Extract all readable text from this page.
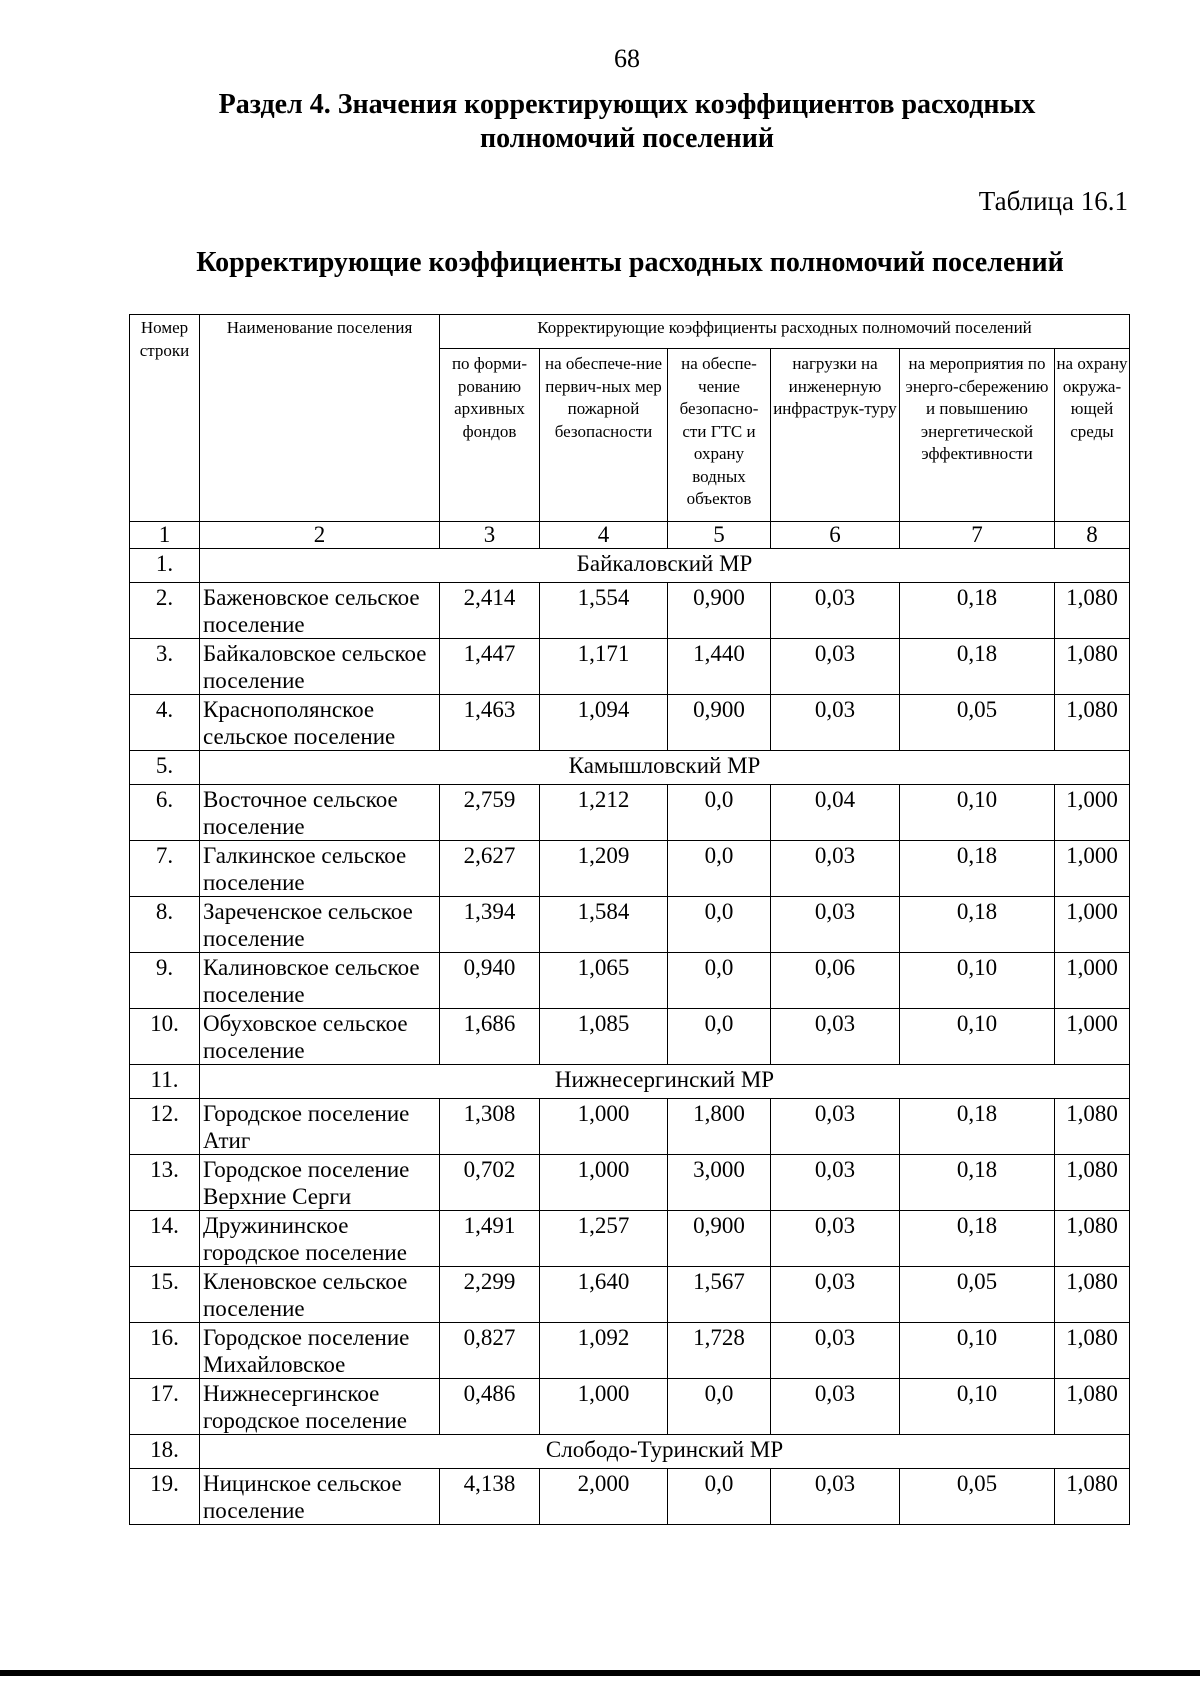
68
Раздел 4. Значения корректирующих коэффициентов расходных полномочий поселений
Таблица 16.1
Корректирующие коэффициенты расходных полномочий поселений
Номер строки	Наименование поселения	Корректирующие коэффициенты расходных полномочий поселений					
		по форми-рованию архивных фондов	на обеспече-ние первич-ных мер пожарной безопасности	на обеспе-чение безопасно-сти ГТС и охрану водных объектов	нагрузки на инженерную инфраструк-туру	на мероприятия по энерго-сбережению и повышению энергетической эффективности	на охрану окружа-ющей среды
1	2	3	4	5	6	7	8
1.	Байкаловский МР						
2.	Баженовское сельское поселение	2,414	1,554	0,900	0,03	0,18	1,080
3.	Байкаловское сельское поселение	1,447	1,171	1,440	0,03	0,18	1,080
4.	Краснополянское сельское поселение	1,463	1,094	0,900	0,03	0,05	1,080
5.	Камышловский МР						
6.	Восточное сельское поселение	2,759	1,212	0,0	0,04	0,10	1,000
7.	Галкинское сельское поселение	2,627	1,209	0,0	0,03	0,18	1,000
8.	Зареченское сельское поселение	1,394	1,584	0,0	0,03	0,18	1,000
9.	Калиновское сельское поселение	0,940	1,065	0,0	0,06	0,10	1,000
10.	Обуховское сельское поселение	1,686	1,085	0,0	0,03	0,10	1,000
11.	Нижнесергинский МР						
12.	Городское поселение Атиг	1,308	1,000	1,800	0,03	0,18	1,080
13.	Городское поселение Верхние Серги	0,702	1,000	3,000	0,03	0,18	1,080
14.	Дружининское городское поселение	1,491	1,257	0,900	0,03	0,18	1,080
15.	Кленовское сельское поселение	2,299	1,640	1,567	0,03	0,05	1,080
16.	Городское поселение Михайловское	0,827	1,092	1,728	0,03	0,10	1,080
17.	Нижнесергинское городское поселение	0,486	1,000	0,0	0,03	0,10	1,080
18.	Слободо-Туринский МР						
19.	Ницинское сельское поселение	4,138	2,000	0,0	0,03	0,05	1,080
